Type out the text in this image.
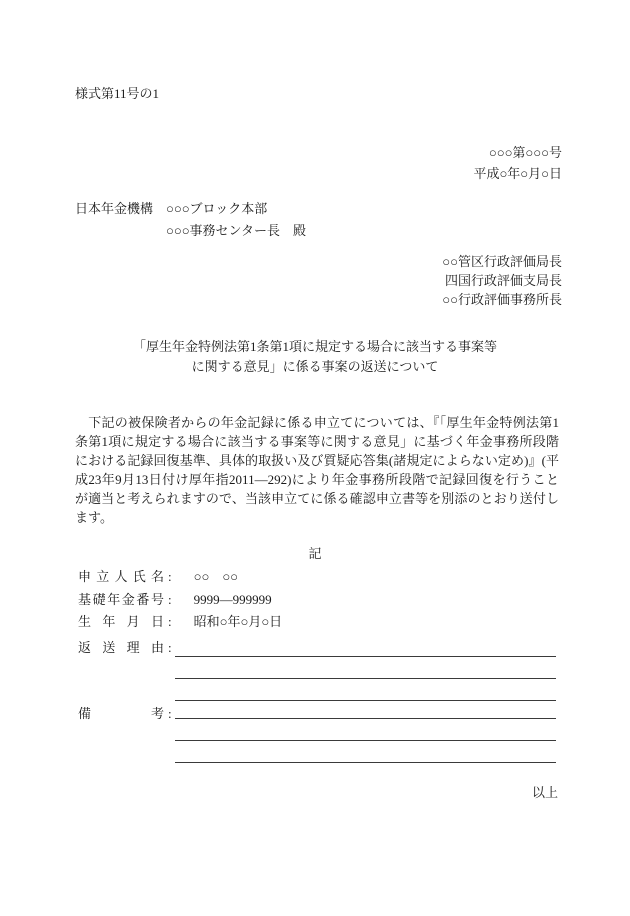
様式第11号の1
○○○第○○○号
平成○年○月○日
日本年金機構　○○○ブロック本部
○○○事務センター長　殿
○○管区行政評価局長
四国行政評価支局長
○○行政評価事務所長
「厚生年金特例法第1条第1項に規定する場合に該当する事案等
に関する意見」に係る事案の返送について

　下記の被保険者からの年金記録に係る申立てについては、『「厚生年金特例法第1条第1項に規定する場合に該当する事案等に関する意見」に基づく年金事務所段階における記録回復基準、具体的取扱い及び質疑応答集(諸規定によらない定め)』(平成23年9月13日付け厚年指2011―292)により年金事務所段階で記録回復を行うことが適当と考えられますので、当該申立てに係る確認申立書等を別添のとおり送付します。

記
申立人氏名 : ○○　○○
基礎年金番号 : 9999―999999
生年月日 : 昭和○年○月○日
返送理由 :
備考 :
以上
